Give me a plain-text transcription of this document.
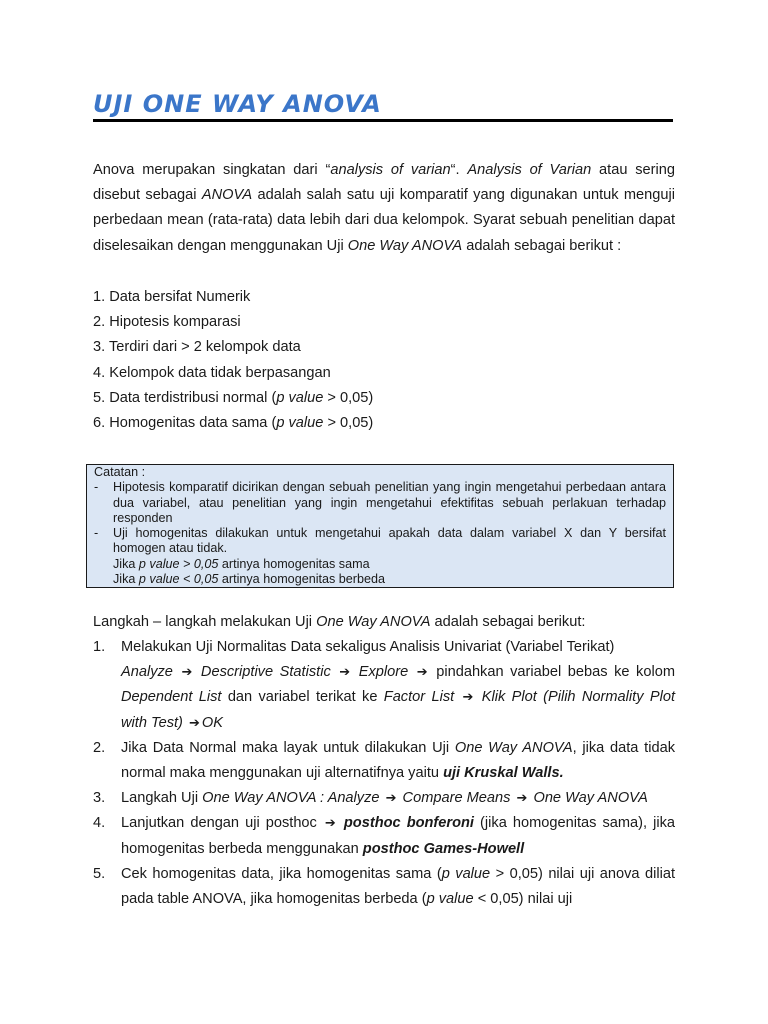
UJI ONE WAY ANOVA

Anova merupakan singkatan dari “analysis of varian“. Analysis of Varian atau sering disebut sebagai ANOVA adalah salah satu uji komparatif yang digunakan untuk menguji perbedaan mean (rata-rata) data lebih dari dua kelompok. Syarat sebuah penelitian dapat diselesaikan dengan menggunakan Uji One Way ANOVA adalah sebagai berikut :

1. Data bersifat Numerik
2. Hipotesis komparasi
3. Terdiri dari > 2 kelompok data
4. Kelompok data tidak berpasangan
5. Data terdistribusi normal (p value > 0,05)
6. Homogenitas data sama (p value > 0,05)

Catatan :

-	Hipotesis komparatif dicirikan dengan sebuah penelitian yang ingin mengetahui perbedaan antara dua variabel, atau penelitian yang ingin mengetahui efektifitas sebuah perlakuan terhadap responden
-	Uji homogenitas dilakukan untuk mengetahui apakah data dalam variabel X dan Y bersifat homogen atau tidak.

Jika p value > 0,05 artinya homogenitas sama

Jika p value < 0,05 artinya homogenitas berbeda

Langkah – langkah melakukan Uji One Way ANOVA adalah sebagai berikut:

1.	Melakukan Uji Normalitas Data sekaligus Analisis Univariat (Variabel Terikat)

Analyze ➔ Descriptive Statistic ➔ Explore ➔ pindahkan variabel bebas ke kolom Dependent List dan variabel terikat ke Factor List ➔ Klik Plot (Pilih Normality Plot with Test) ➔ OK

2.	Jika Data Normal maka layak untuk dilakukan Uji One Way ANOVA, jika data tidak normal maka menggunakan uji alternatifnya yaitu uji Kruskal Walls.

3.	Langkah Uji One Way ANOVA : Analyze ➔ Compare Means ➔ One Way ANOVA

4.	Lanjutkan dengan uji posthoc ➔ posthoc bonferoni (jika homogenitas sama), jika homogenitas berbeda menggunakan posthoc Games-Howell

5.	Cek homogenitas data, jika homogenitas sama (p value > 0,05) nilai uji anova diliat pada table ANOVA, jika homogenitas berbeda (p value < 0,05) nilai uji
